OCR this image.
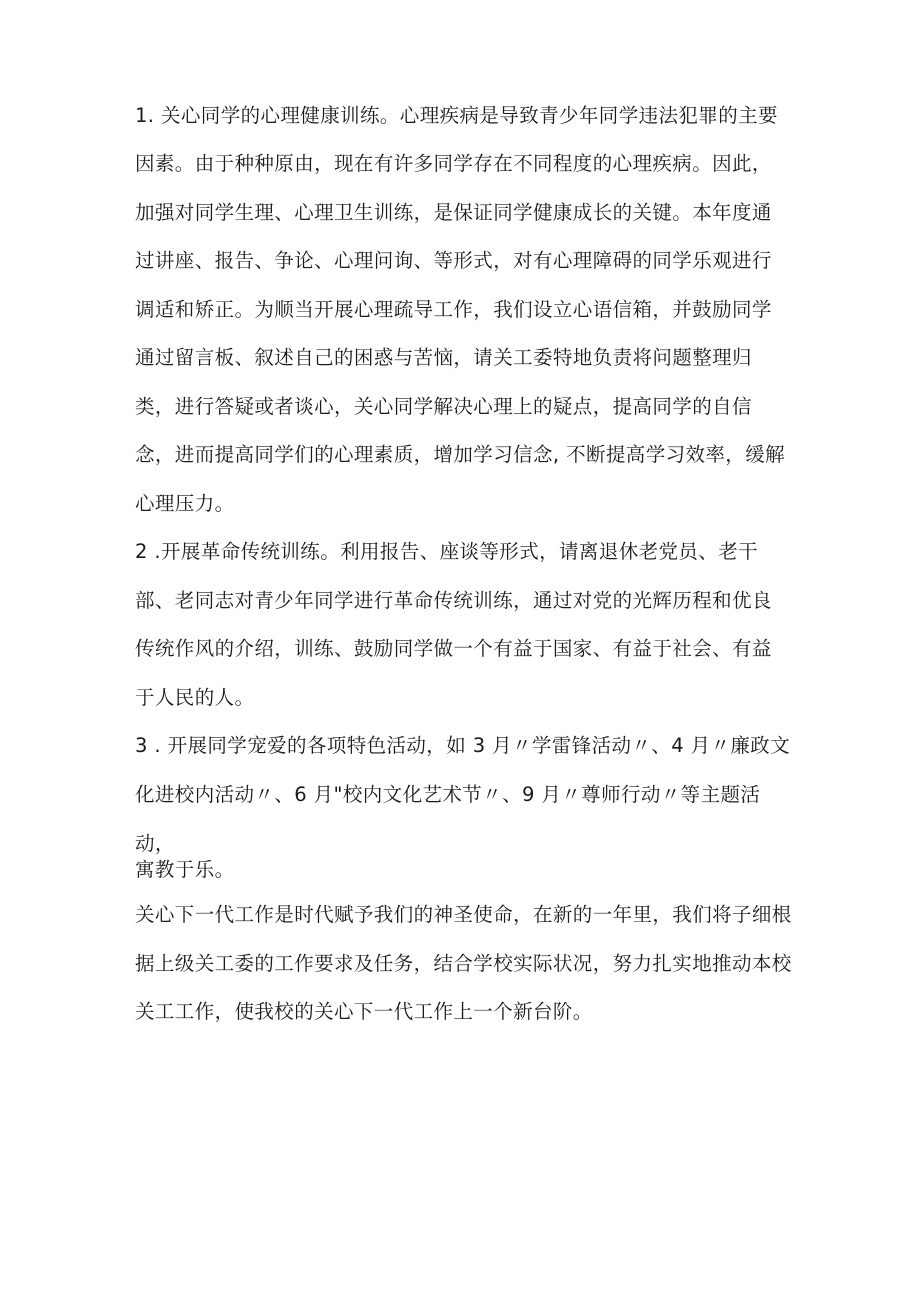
1. 关心同学的心理健康训练。心理疾病是导致青少年同学违法犯罪的主要
因素。由于种种原由，现在有许多同学存在不同程度的心理疾病。因此，
加强对同学生理、心理卫生训练，是保证同学健康成长的关键。本年度通
过讲座、报告、争论、心理问询、等形式，对有心理障碍的同学乐观进行
调适和矫正。为顺当开展心理疏导工作，我们设立心语信箱，并鼓励同学
通过留言板、叙述自己的困惑与苦恼，请关工委特地负责将问题整理归
类，进行答疑或者谈心，关心同学解决心理上的疑点，提高同学的自信
念，进而提高同学们的心理素质，增加学习信念, 不断提高学习效率，缓解
心理压力。
2 .开展革命传统训练。利用报告、座谈等形式，请离退休老党员、老干
部、老同志对青少年同学进行革命传统训练，通过对党的光辉历程和优良
传统作风的介绍，训练、鼓励同学做一个有益于国家、有益于社会、有益
于人民的人。
3 . 开展同学宠爱的各项特色活动，如 3 月〃学雷锋活动〃、4 月〃廉政文
化进校内活动〃、6 月"校内文化艺术节〃、9 月〃尊师行动〃等主题活
动，
寓教于乐。
关心下一代工作是时代赋予我们的神圣使命，在新的一年里，我们将子细根
据上级关工委的工作要求及任务，结合学校实际状况，努力扎实地推动本校
关工工作，使我校的关心下一代工作上一个新台阶。
